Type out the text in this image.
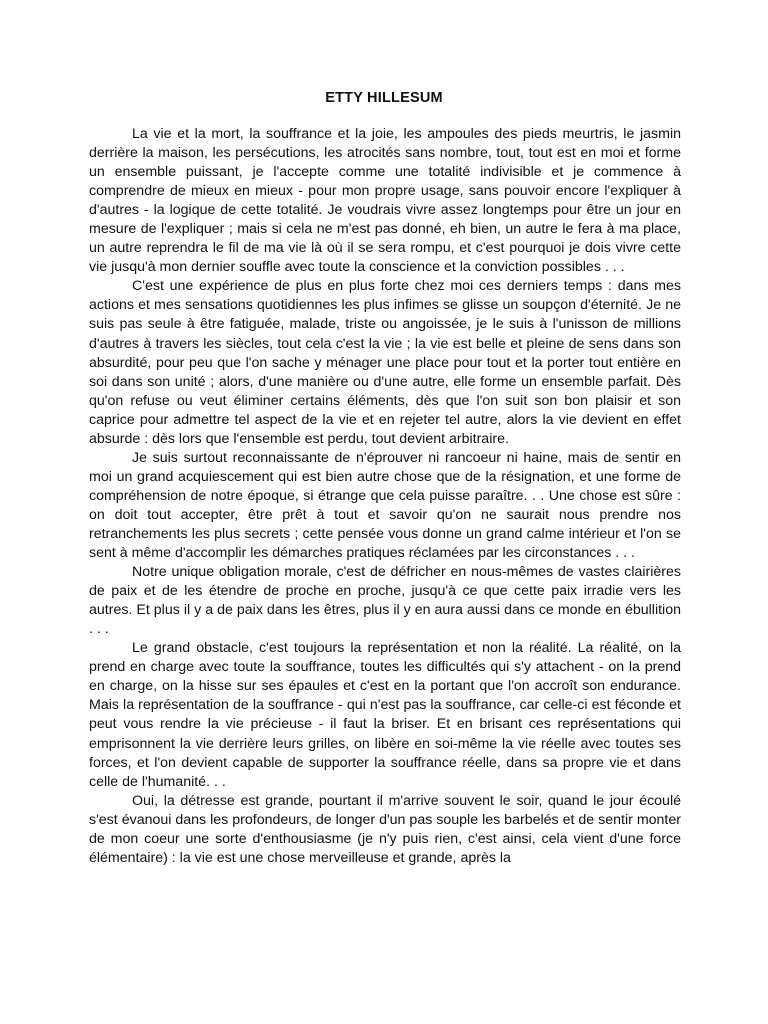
ETTY HILLESUM

La vie et la mort, la souffrance et la joie, les ampoules des pieds meurtris, le jasmin derrière la maison, les persécutions, les atrocités sans nombre, tout, tout est en moi et forme un ensemble puissant, je l'accepte comme une totalité indivisible et je commence à comprendre de mieux en mieux - pour mon propre usage, sans pouvoir encore l'expliquer à d'autres - la logique de cette totalité. Je voudrais vivre assez longtemps pour être un jour en mesure de l'expliquer ; mais si cela ne m'est pas donné, eh bien, un autre le fera à ma place, un autre reprendra le fil de ma vie là où il se sera rompu, et c'est pourquoi je dois vivre cette vie jusqu'à mon dernier souffle avec toute la conscience et la conviction possibles . . .

C'est une expérience de plus en plus forte chez moi ces derniers temps : dans mes actions et mes sensations quotidiennes les plus infimes se glisse un soupçon d'éternité. Je ne suis pas seule à être fatiguée, malade, triste ou angoissée, je le suis à l'unisson de millions d'autres à travers les siècles, tout cela c'est la vie ; la vie est belle et pleine de sens dans son absurdité, pour peu que l'on sache y ménager une place pour tout et la porter tout entière en soi dans son unité ; alors, d'une manière ou d'une autre, elle forme un ensemble parfait. Dès qu'on refuse ou veut éliminer certains éléments, dès que l'on suit son bon plaisir et son caprice pour admettre tel aspect de la vie et en rejeter tel autre, alors la vie devient en effet absurde : dès lors que l'ensemble est perdu, tout devient arbitraire.

Je suis surtout reconnaissante de n'éprouver ni rancoeur ni haine, mais de sentir en moi un grand acquiescement qui est bien autre chose que de la résignation, et une forme de compréhension de notre époque, si étrange que cela puisse paraître. . . Une chose est sûre : on doit tout accepter, être prêt à tout et savoir qu'on ne saurait nous prendre nos retranchements les plus secrets ; cette pensée vous donne un grand calme intérieur et l'on se sent à même d'accomplir les démarches pratiques réclamées par les circonstances . . .

Notre unique obligation morale, c'est de défricher en nous-mêmes de vastes clairières de paix et de les étendre de proche en proche, jusqu'à ce que cette paix irradie vers les autres. Et plus il y a de paix dans les êtres, plus il y en aura aussi dans ce monde en ébullition . . .

Le grand obstacle, c'est toujours la représentation et non la réalité. La réalité, on la prend en charge avec toute la souffrance, toutes les difficultés qui s'y attachent - on la prend en charge, on la hisse sur ses épaules et c'est en la portant que l'on accroît son endurance. Mais la représentation de la souffrance - qui n'est pas la souffrance, car celle-ci est féconde et peut vous rendre la vie précieuse - il faut la briser. Et en brisant ces représentations qui emprisonnent la vie derrière leurs grilles, on libère en soi-même la vie réelle avec toutes ses forces, et l'on devient capable de supporter la souffrance réelle, dans sa propre vie et dans celle de l'humanité. . .

Oui, la détresse est grande, pourtant il m'arrive souvent le soir, quand le jour écoulé s'est évanoui dans les profondeurs, de longer d'un pas souple les barbelés et de sentir monter de mon coeur une sorte d'enthousiasme (je n'y puis rien, c'est ainsi, cela vient d'une force élémentaire) : la vie est une chose merveilleuse et grande, après la
